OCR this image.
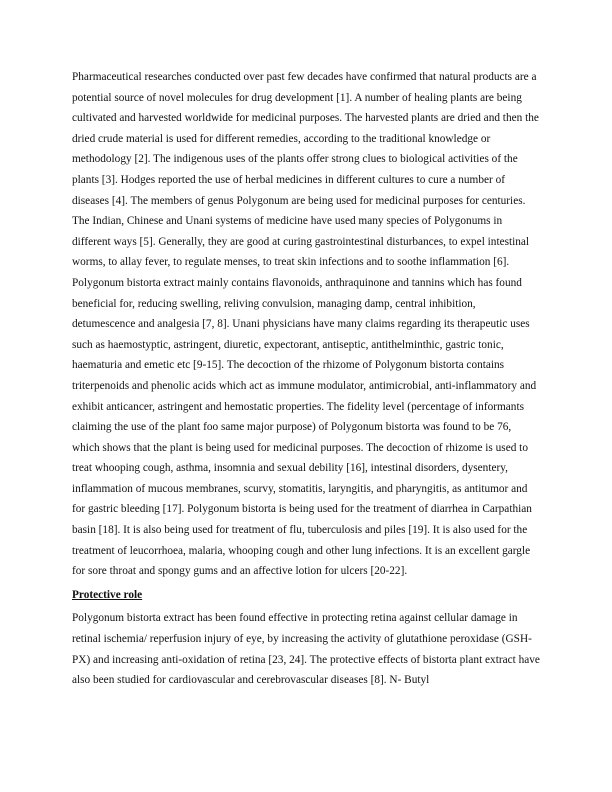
Pharmaceutical researches conducted over past few decades have confirmed that natural products are a potential source of novel molecules for drug development [1]. A number of healing plants are being cultivated and harvested worldwide for medicinal purposes. The harvested plants are dried and then the dried crude material is used for different remedies, according to the traditional knowledge or methodology [2]. The indigenous uses of the plants offer strong clues to biological activities of the plants [3]. Hodges reported the use of herbal medicines in different cultures to cure a number of diseases [4]. The members of genus Polygonum are being used for medicinal purposes for centuries. The Indian, Chinese and Unani systems of medicine have used many species of Polygonums in different ways [5]. Generally, they are good at curing gastrointestinal disturbances, to expel intestinal worms, to allay fever, to regulate menses, to treat skin infections and to soothe inflammation [6]. Polygonum bistorta extract mainly contains flavonoids, anthraquinone and tannins which has found beneficial for, reducing swelling, reliving convulsion, managing damp, central inhibition, detumescence and analgesia [7, 8]. Unani physicians have many claims regarding its therapeutic uses such as haemostyptic, astringent, diuretic, expectorant, antiseptic, antithelminthic, gastric tonic, haematuria and emetic etc [9-15]. The decoction of the rhizome of Polygonum bistorta contains triterpenoids and phenolic acids which act as immune modulator, antimicrobial, anti-inflammatory and exhibit anticancer, astringent and hemostatic properties. The fidelity level (percentage of informants claiming the use of the plant foo same major purpose) of Polygonum bistorta was found to be 76, which shows that the plant is being used for medicinal purposes. The decoction of rhizome is used to treat whooping cough, asthma, insomnia and sexual debility [16], intestinal disorders, dysentery, inflammation of mucous membranes, scurvy, stomatitis, laryngitis, and pharyngitis, as antitumor and for gastric bleeding [17]. Polygonum bistorta is being used for the treatment of diarrhea in Carpathian basin [18]. It is also being used for treatment of flu, tuberculosis and piles [19]. It is also used for the treatment of leucorrhoea, malaria, whooping cough and other lung infections. It is an excellent gargle for sore throat and spongy gums and an affective lotion for ulcers [20-22].

Protective role

Polygonum bistorta extract has been found effective in protecting retina against cellular damage in retinal ischemia/ reperfusion injury of eye, by increasing the activity of glutathione peroxidase (GSH-PX) and increasing anti-oxidation of retina [23, 24]. The protective effects of bistorta plant extract have also been studied for cardiovascular and cerebrovascular diseases [8]. N- Butyl
